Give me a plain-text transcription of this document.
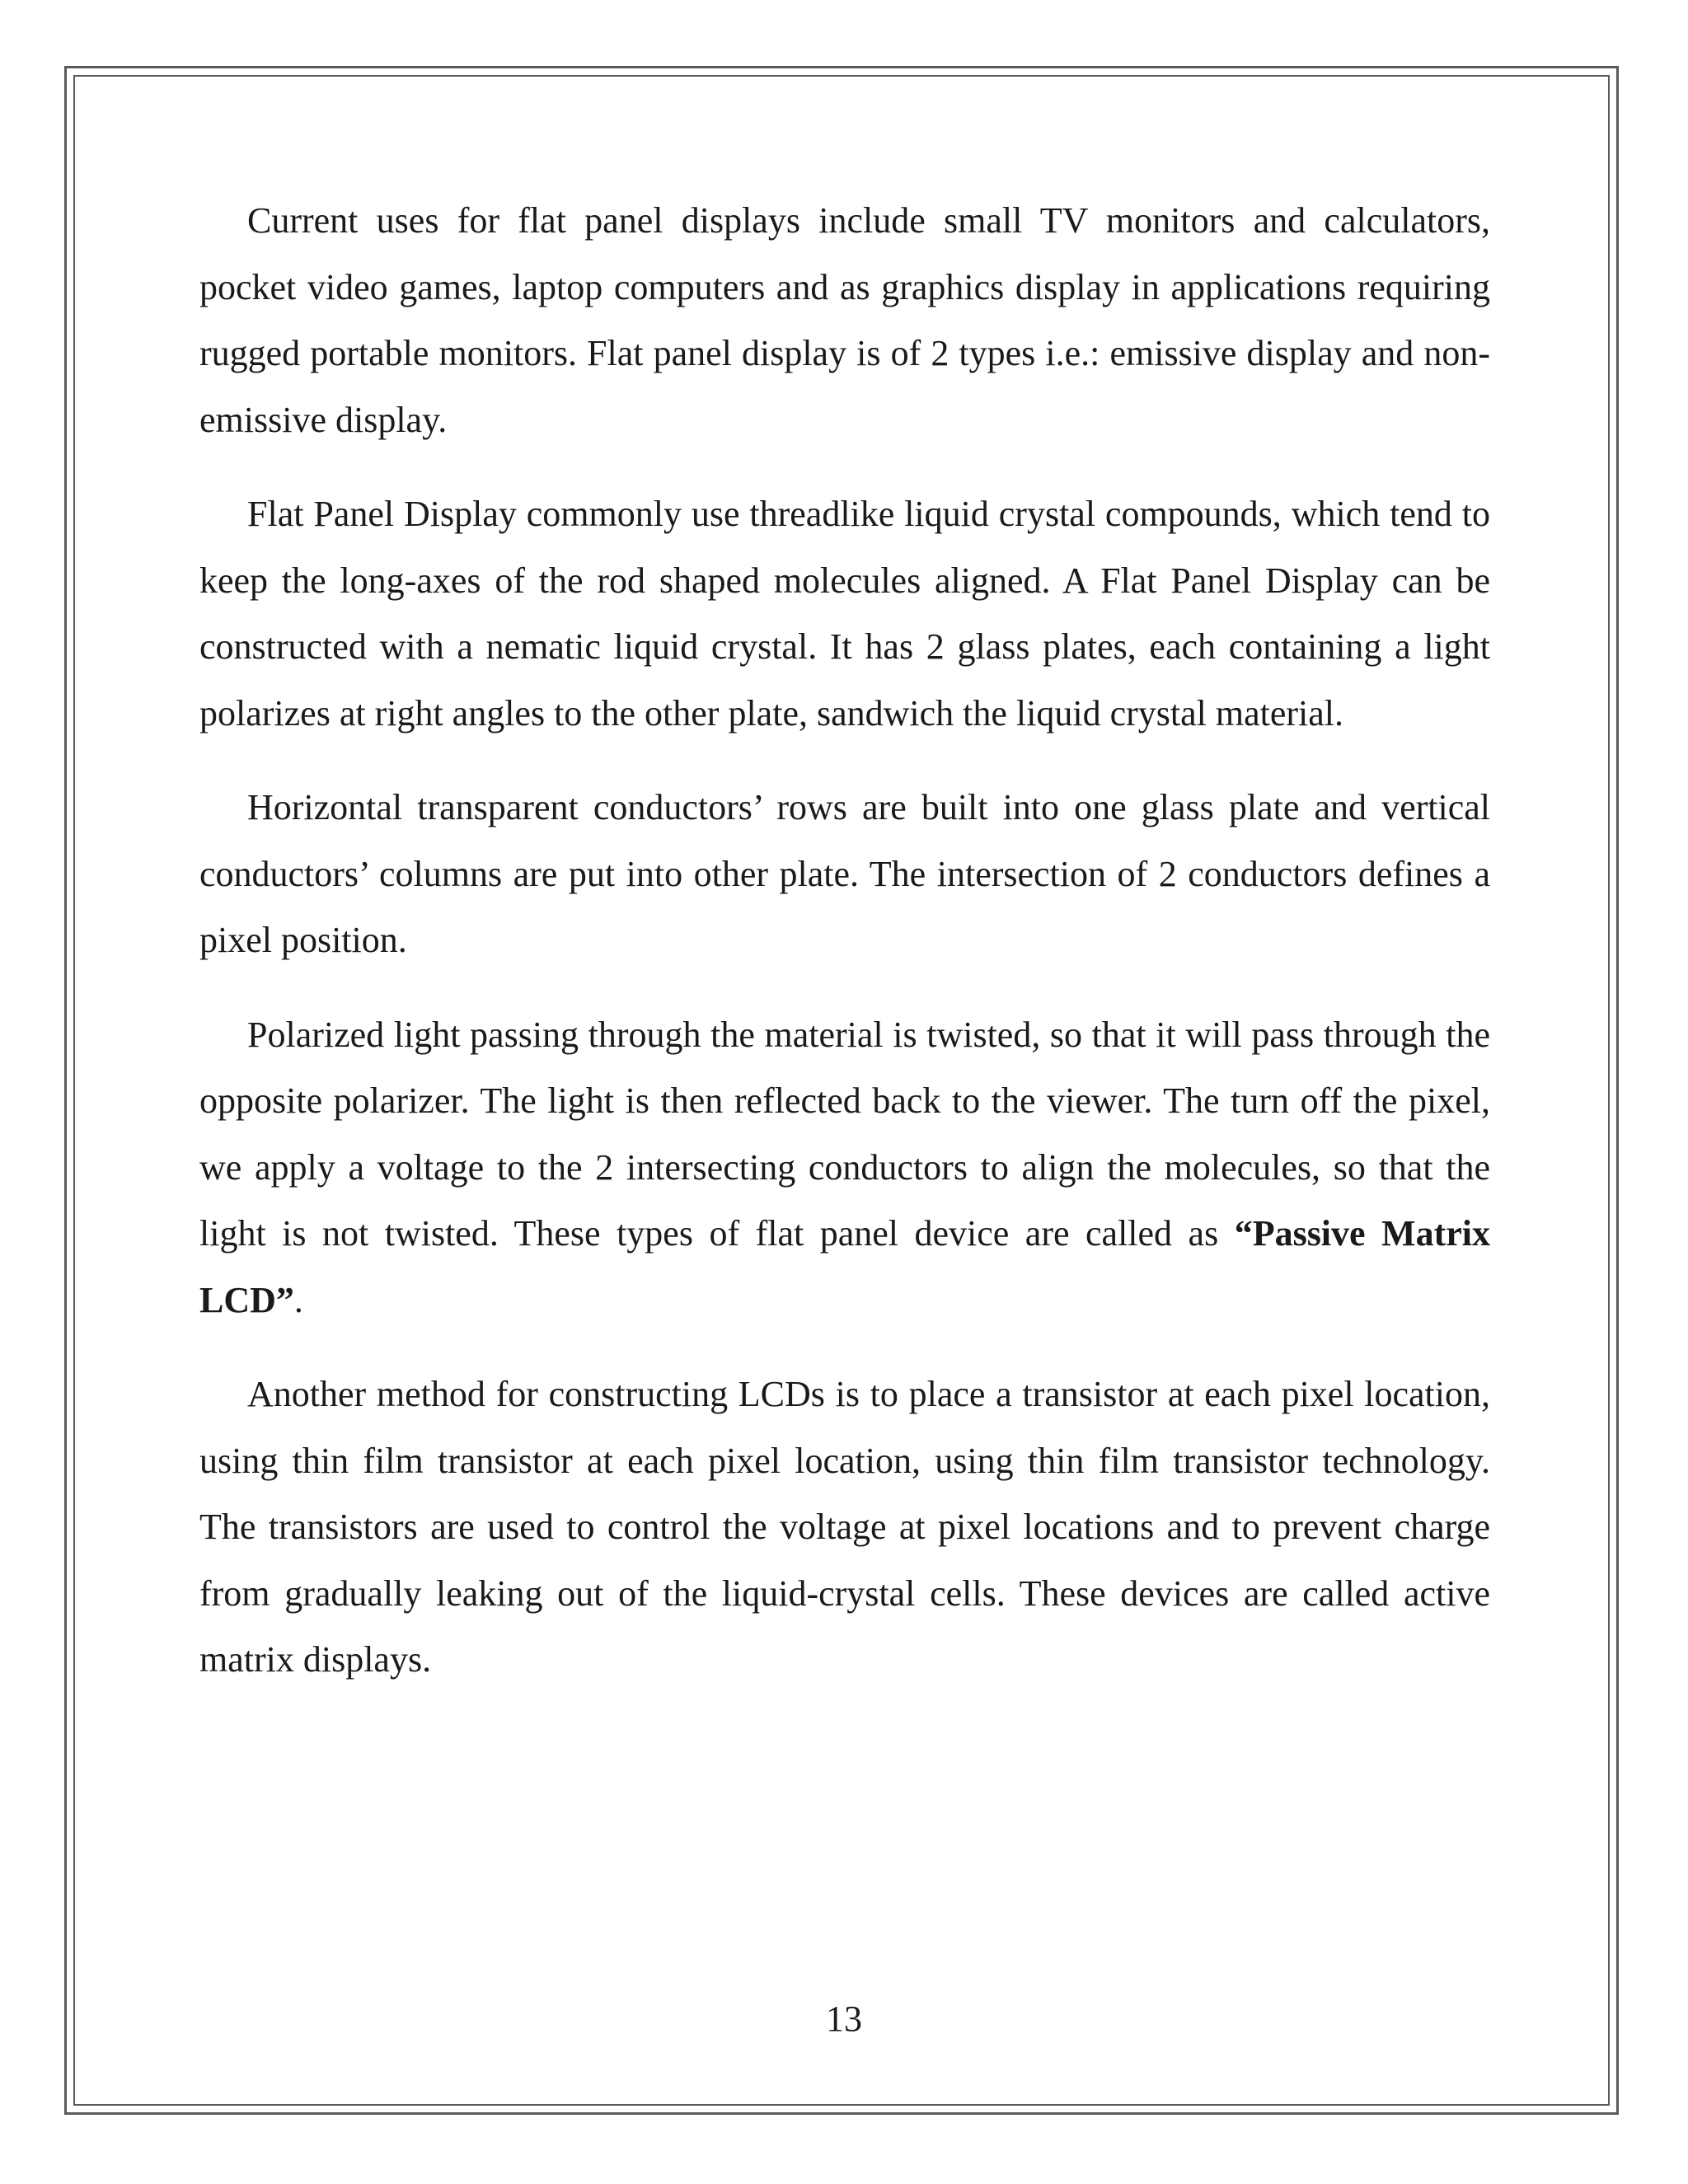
Current uses for flat panel displays include small TV monitors and calculators, pocket video games, laptop computers and as graphics display in applications requiring rugged portable monitors. Flat panel display is of 2 types i.e.: emissive display and non-emissive display.

Flat Panel Display commonly use threadlike liquid crystal compounds, which tend to keep the long-axes of the rod shaped molecules aligned. A Flat Panel Display can be constructed with a nematic liquid crystal. It has 2 glass plates, each containing a light polarizes at right angles to the other plate, sandwich the liquid crystal material.

Horizontal transparent conductors’ rows are built into one glass plate and vertical conductors’ columns are put into other plate. The intersection of 2 conductors defines a pixel position.

Polarized light passing through the material is twisted, so that it will pass through the opposite polarizer. The light is then reflected back to the viewer. The turn off the pixel, we apply a voltage to the 2 intersecting conductors to align the molecules, so that the light is not twisted. These types of flat panel device are called as “Passive Matrix LCD”.

Another method for constructing LCDs is to place a transistor at each pixel location, using thin film transistor at each pixel location, using thin film transistor technology. The transistors are used to control the voltage at pixel locations and to prevent charge from gradually leaking out of the liquid-crystal cells. These devices are called active matrix displays.

13
